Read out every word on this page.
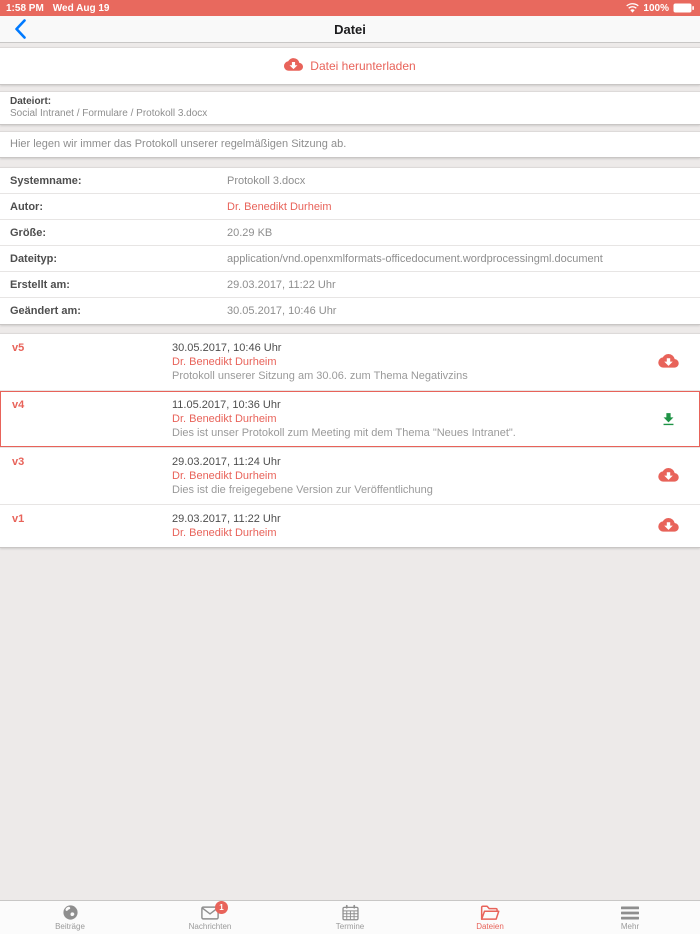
1:58 PM Wed Aug 19	100%
Datei
Datei herunterladen
Dateiort:
Social Intranet / Formulare / Protokoll 3.docx
Hier legen wir immer das Protokoll unserer regelmäßigen Sitzung ab.
Systemname:	Protokoll 3.docx
Autor:	Dr. Benedikt Durheim
Größe:	20.29 KB
Dateityp:	application/vnd.openxmlformats-officedocument.wordprocessingml.document
Erstellt am:	29.03.2017, 11:22 Uhr
Geändert am:	30.05.2017, 10:46 Uhr
v5	30.05.2017, 10:46 Uhr
Dr. Benedikt Durheim
Protokoll unserer Sitzung am 30.06. zum Thema Negativzins
v4	11.05.2017, 10:36 Uhr
Dr. Benedikt Durheim
Dies ist unser Protokoll zum Meeting mit dem Thema "Neues Intranet".
v3	29.03.2017, 11:24 Uhr
Dr. Benedikt Durheim
Dies ist die freigegebene Version zur Veröffentlichung
v1	29.03.2017, 11:22 Uhr
Dr. Benedikt Durheim
Beiträge
1
Nachrichten	Termine	Dateien	Mehr
